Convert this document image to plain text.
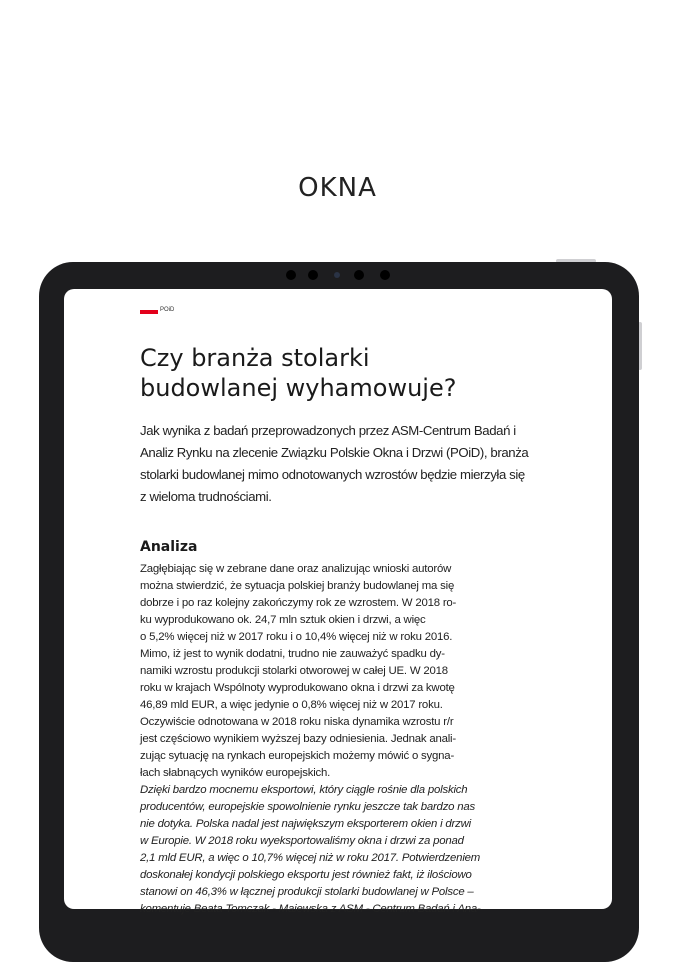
OKNA
POiD
Czy branża stolarki
budowlanej wyhamowuje?

Jak wynika z badań przeprowadzonych przez ASM-Centrum Badań i
Analiz Rynku na zlecenie Związku Polskie Okna i Drzwi (POiD), branża
stolarki budowlanej mimo odnotowanych wzrostów będzie mierzyła się
z wieloma trudnościami.

Analiza
Zagłębiając się w zebrane dane oraz analizując wnioski autorów
można stwierdzić, że sytuacja polskiej branży budowlanej ma się
dobrze i po raz kolejny zakończymy rok ze wzrostem. W 2018 ro-
ku wyprodukowano ok. 24,7 mln sztuk okien i drzwi, a więc
o 5,2% więcej niż w 2017 roku i o 10,4% więcej niż w roku 2016.
Mimo, iż jest to wynik dodatni, trudno nie zauważyć spadku dy-
namiki wzrostu produkcji stolarki otworowej w całej UE. W 2018
roku w krajach Wspólnoty wyprodukowano okna i drzwi za kwotę
46,89 mld EUR, a więc jedynie o 0,8% więcej niż w 2017 roku.
Oczywiście odnotowana w 2018 roku niska dynamika wzrostu r/r
jest częściowo wynikiem wyższej bazy odniesienia. Jednak anali-
zując sytuację na rynkach europejskich możemy mówić o sygna-
łach słabnących wyników europejskich.
Dzięki bardzo mocnemu eksportowi, który ciągle rośnie dla polskich
producentów, europejskie spowolnienie rynku jeszcze tak bardzo nas
nie dotyka. Polska nadal jest największym eksporterem okien i drzwi
w Europie. W 2018 roku wyeksportowaliśmy okna i drzwi za ponad
2,1 mld EUR, a więc o 10,7% więcej niż w roku 2017. Potwierdzeniem
doskonałej kondycji polskiego eksportu jest również fakt, iż ilościowo
stanowi on 46,3% w łącznej produkcji stolarki budowlanej w Polsce –
komentuje Beata Tomczak - Maiewska z ASM - Centrum Badań i Ana-
